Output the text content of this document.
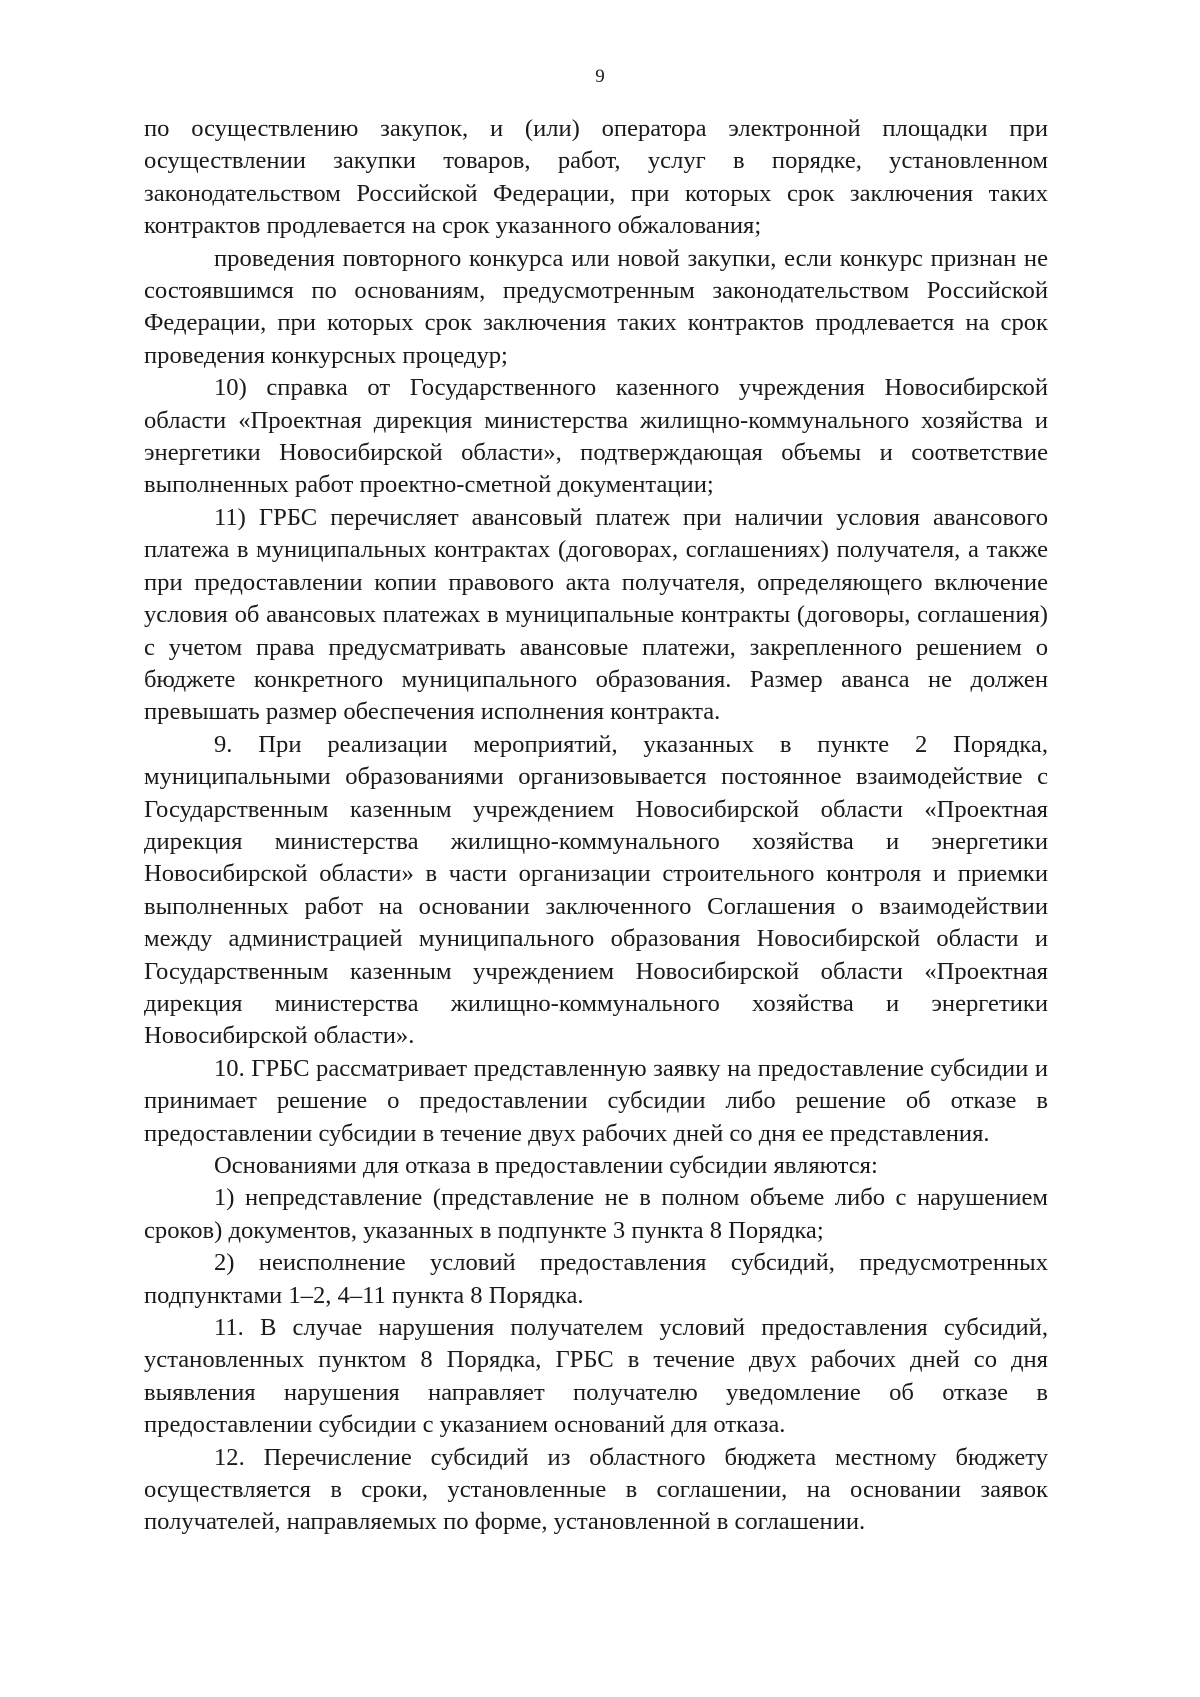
9

по осуществлению закупок, и (или) оператора электронной площадки при осуществлении закупки товаров, работ, услуг в порядке, установленном законодательством Российской Федерации, при которых срок заключения таких контрактов продлевается на срок указанного обжалования;

проведения повторного конкурса или новой закупки, если конкурс признан не состоявшимся по основаниям, предусмотренным законодательством Российской Федерации, при которых срок заключения таких контрактов продлевается на срок проведения конкурсных процедур;

10) справка от Государственного казенного учреждения Новосибирской области «Проектная дирекция министерства жилищно-коммунального хозяйства и энергетики Новосибирской области», подтверждающая объемы и соответствие выполненных работ проектно-сметной документации;

11) ГРБС перечисляет авансовый платеж при наличии условия авансового платежа в муниципальных контрактах (договорах, соглашениях) получателя, а также при предоставлении копии правового акта получателя, определяющего включение условия об авансовых платежах в муниципальные контракты (договоры, соглашения) с учетом права предусматривать авансовые платежи, закрепленного решением о бюджете конкретного муниципального образования. Размер аванса не должен превышать размер обеспечения исполнения контракта.

9. При реализации мероприятий, указанных в пункте 2 Порядка, муниципальными образованиями организовывается постоянное взаимодействие с Государственным казенным учреждением Новосибирской области «Проектная дирекция министерства жилищно-коммунального хозяйства и энергетики Новосибирской области» в части организации строительного контроля и приемки выполненных работ на основании заключенного Соглашения о взаимодействии между администрацией муниципального образования Новосибирской области и Государственным казенным учреждением Новосибирской области «Проектная дирекция министерства жилищно-коммунального хозяйства и энергетики Новосибирской области».

10. ГРБС рассматривает представленную заявку на предоставление субсидии и принимает решение о предоставлении субсидии либо решение об отказе в предоставлении субсидии в течение двух рабочих дней со дня ее представления.

Основаниями для отказа в предоставлении субсидии являются:

1) непредставление (представление не в полном объеме либо с нарушением сроков) документов, указанных в подпункте 3 пункта 8 Порядка;

2) неисполнение условий предоставления субсидий, предусмотренных подпунктами 1–2, 4–11 пункта 8 Порядка.

11. В случае нарушения получателем условий предоставления субсидий, установленных пунктом 8 Порядка, ГРБС в течение двух рабочих дней со дня выявления нарушения направляет получателю уведомление об отказе в предоставлении субсидии с указанием оснований для отказа.

12. Перечисление субсидий из областного бюджета местному бюджету осуществляется в сроки, установленные в соглашении, на основании заявок получателей, направляемых по форме, установленной в соглашении.
